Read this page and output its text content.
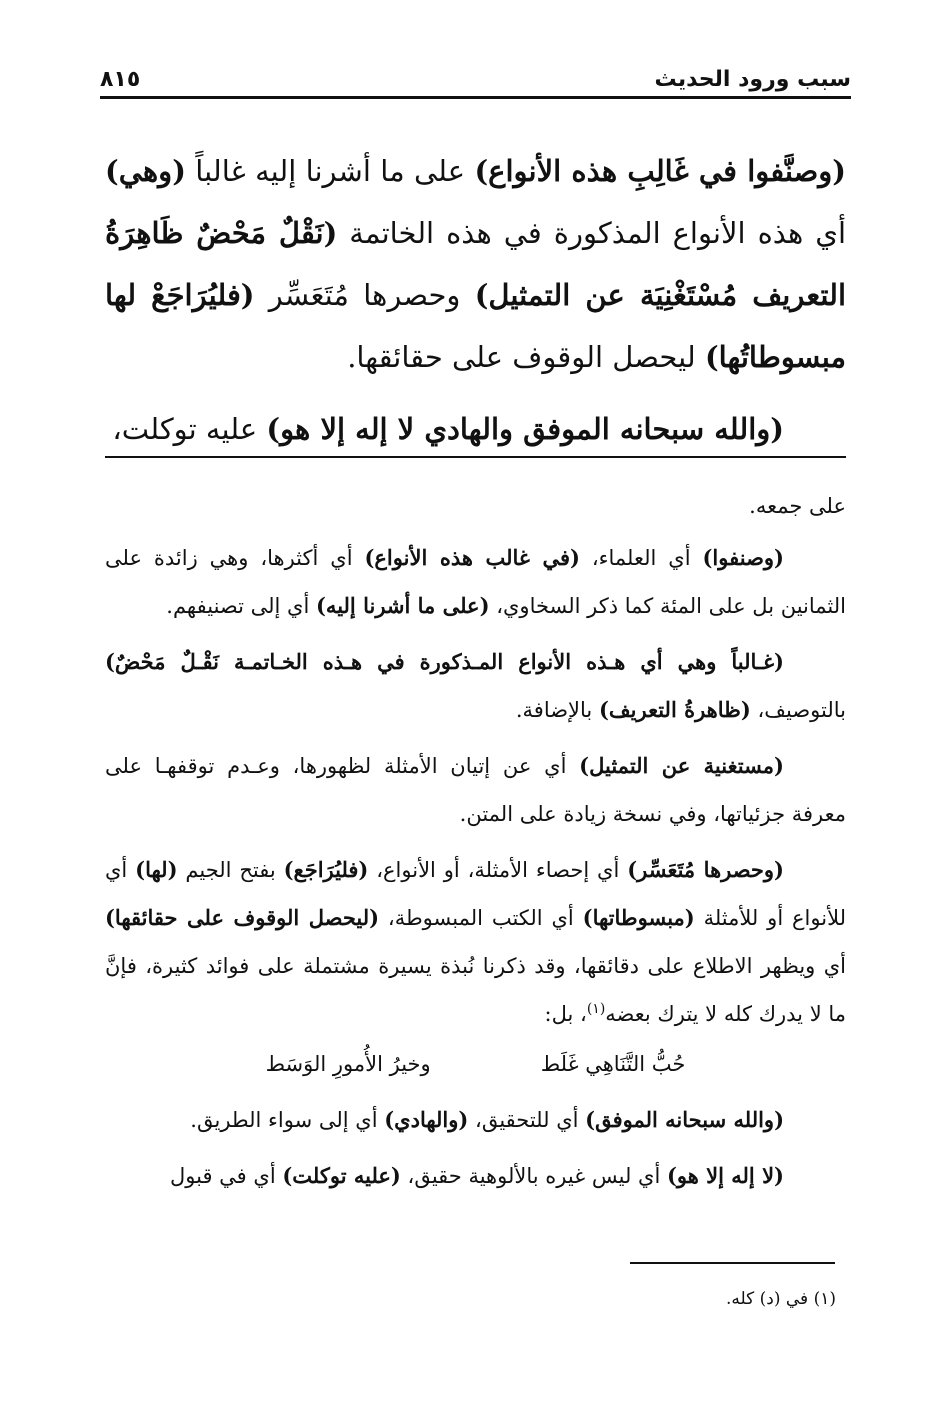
سبب ورود الحديث
٨١٥

(وصنَّفوا في غَالِبِ هذه الأنواع) على ما أشرنا إليه غالباً (وهي) أي هذه الأنواع المذكورة في هذه الخاتمة (نَقْلٌ مَحْضٌ ظَاهِرَةُ التعريف مُسْتَغْنِيَة عن التمثيل) وحصرها مُتَعَسِّر (فليُرَاجَعْ لها مبسوطاتُها) ليحصل الوقوف على حقائقها.

(والله سبحانه الموفق والهادي لا إله إلا هو) عليه توكلت،

على جمعه.

(وصنفوا) أي العلماء، (في غالب هذه الأنواع) أي أكثرها، وهي زائدة على الثمانين بل على المئة كما ذكر السخاوي، (على ما أشرنا إليه) أي إلى تصنيفهم.

(غـالباً وهي أي هـذه الأنواع المـذكورة في هـذه الخـاتمـة نَقْـلٌ مَحْضٌ) بالتوصيف، (ظاهرةُ التعريف) بالإضافة.

(مستغنية عن التمثيل) أي عن إتيان الأمثلة لظهورها، وعـدم توقفهـا على معرفة جزئياتها، وفي نسخة زيادة على المتن.

(وحصرها مُتَعَسِّر) أي إحصاء الأمثلة، أو الأنواع، (فليُرَاجَع) بفتح الجيم (لها) أي للأنواع أو للأمثلة (مبسوطاتها) أي الكتب المبسوطة، (ليحصل الوقوف على حقائقها) أي ويظهر الاطلاع على دقائقها، وقد ذكرنا نُبذة يسيرة مشتملة على فوائد كثيرة، فإنَّ ما لا يدرك كله لا يترك بعضه$^{(١)}$، بل:

حُبُّ التَّنَاهِي غَلَط
وخيرُ الأُمورِ الوَسَط

(والله سبحانه الموفق) أي للتحقيق، (والهادي) أي إلى سواء الطريق.

(لا إله إلا هو) أي ليس غيره بالألوهية حقيق، (عليه توكلت) أي في قبول

(١) في (د) كله.
